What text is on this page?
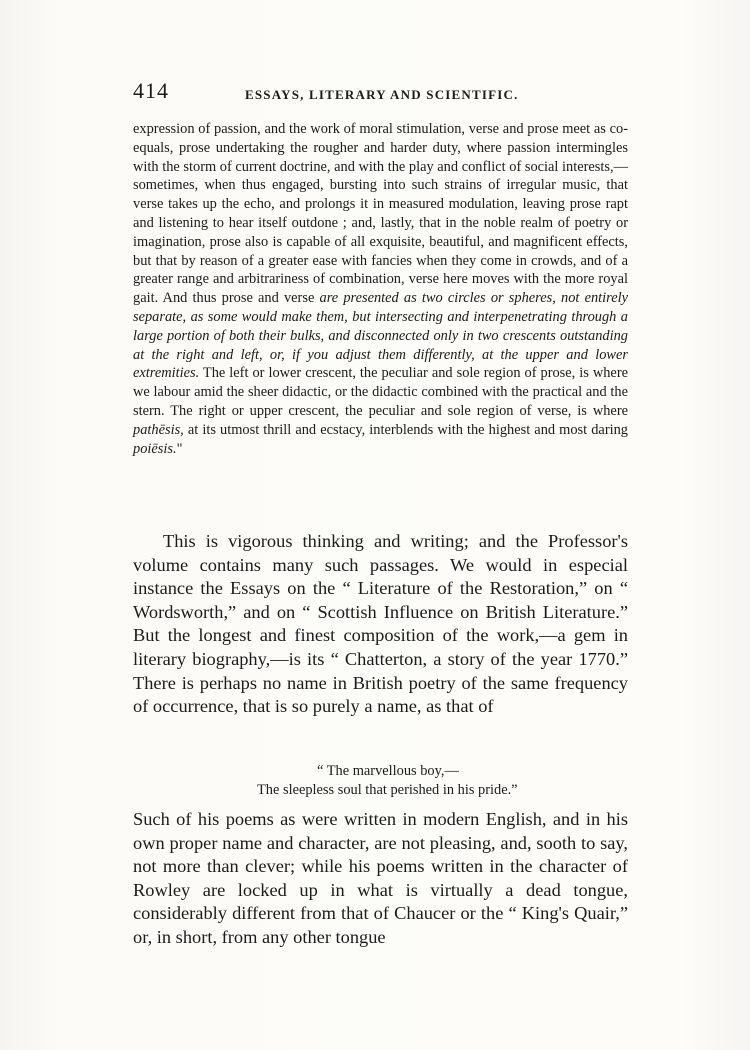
414	ESSAYS, LITERARY AND SCIENTIFIC.

expression of passion, and the work of moral stimulation, verse and prose meet as co-equals, prose undertaking the rougher and harder duty, where passion intermingles with the storm of current doctrine, and with the play and conflict of social interests,—sometimes, when thus engaged, bursting into such strains of irregular music, that verse takes up the echo, and prolongs it in measured modulation, leaving prose rapt and listening to hear itself outdone ; and, lastly, that in the noble realm of poetry or imagination, prose also is capable of all exquisite, beautiful, and magnificent effects, but that by reason of a greater ease with fancies when they come in crowds, and of a greater range and arbitrariness of combination, verse here moves with the more royal gait. And thus prose and verse are presented as two circles or spheres, not entirely separate, as some would make them, but intersecting and interpenetrating through a large portion of both their bulks, and disconnected only in two crescents outstanding at the right and left, or, if you adjust them differently, at the upper and lower extremities. The left or lower crescent, the peculiar and sole region of prose, is where we labour amid the sheer didactic, or the didactic combined with the practical and the stern. The right or upper crescent, the peculiar and sole region of verse, is where pathēsis, at its utmost thrill and ecstacy, interblends with the highest and most daring poiēsis."

This is vigorous thinking and writing; and the Professor's volume contains many such passages. We would in especial instance the Essays on the “ Literature of the Restoration,” on “ Wordsworth,” and on “ Scottish Influence on British Literature.” But the longest and finest composition of the work,—a gem in literary biography,—is its “ Chatterton, a story of the year 1770.” There is perhaps no name in British poetry of the same frequency of occurrence, that is so purely a name, as that of

“ The marvellous boy,—
The sleepless soul that perished in his pride.”

Such of his poems as were written in modern English, and in his own proper name and character, are not pleasing, and, sooth to say, not more than clever; while his poems written in the character of Rowley are locked up in what is virtually a dead tongue, considerably different from that of Chaucer or the “ King's Quair,” or, in short, from any other tongue
